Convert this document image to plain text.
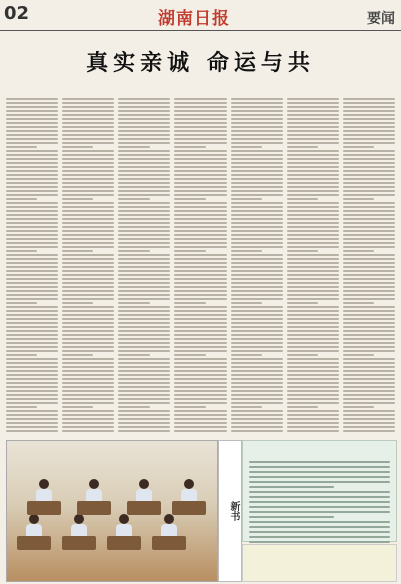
02
	湖南日报	要闻
真实亲诚 命运与共

新书
